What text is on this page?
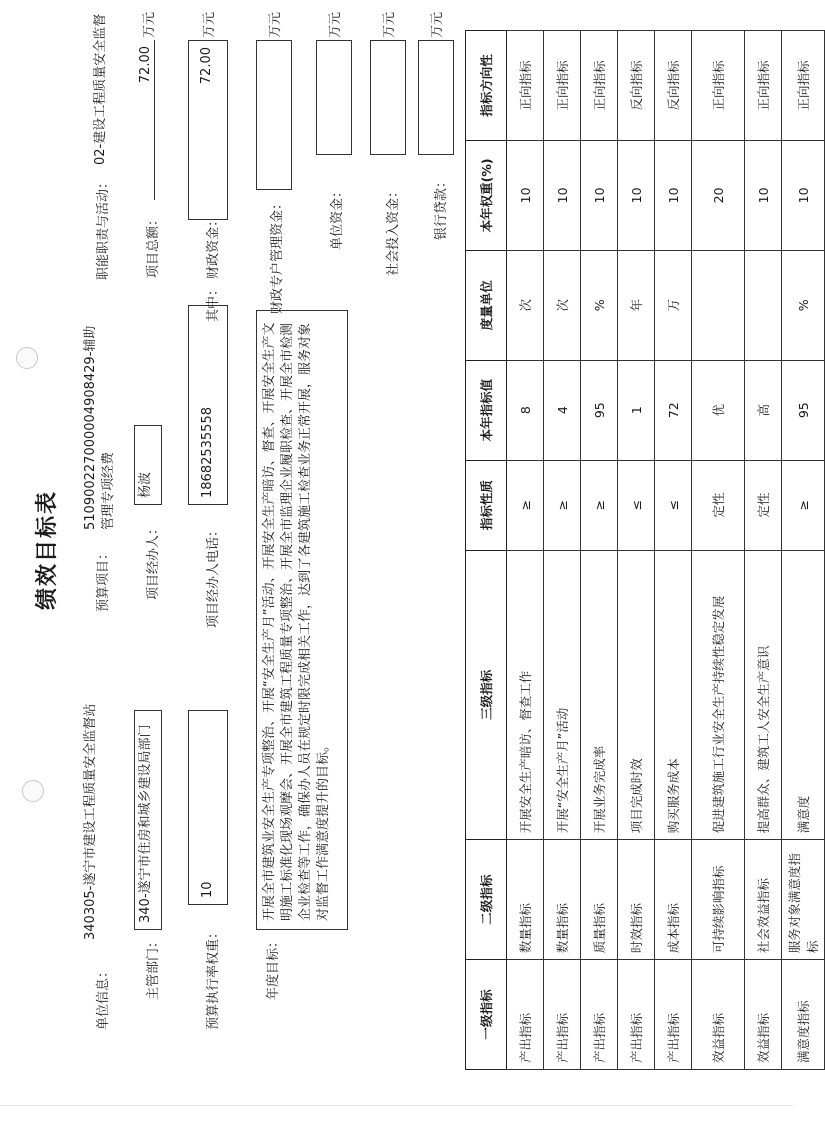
绩效目标表
单位信息：
340305-遂宁市建设工程质量安全监督站
预算项目：
510900227000004908429-辅助管理专项经费
职能职责与活动：
02-建设工程质量安全监督
主管部门：
340-遂宁市住房和城乡建设局部门
项目经办人：
杨波
项目总额：
72.00
万元
预算执行率权重：
10
项目经办人电话：
18682535558
其中： 财政资金：
72.00
万元
年度目标：
开展全市建筑业安全生产专项整治、开展“安全生产月”活动、开展安全生产暗访、督查、开展安全生产文明施工标准化现场观摩会、开展全市建筑工程质量专项整治、开展全市监理企业履职检查、开展全市检测企业检查等工作，确保办人员在规定时限完成相关工作，达到了各建筑施工检查业务正常开展，服务对象对监督工作满意度提升的目标。
财政专户管理资金：
万元
单位资金：
万元
社会投入资金：
万元
银行贷款：
万元
一级指标	二级指标	三级指标	指标性质	本年指标值	度量单位	本年权重(%)	指标方向性
产出指标	数量指标	开展安全生产暗访、督查工作	≥	8	次	10	正向指标
产出指标	数量指标	开展“安全生产月”活动	≥	4	次	10	正向指标
产出指标	质量指标	开展业务完成率	≥	95	%	10	正向指标
产出指标	时效指标	项目完成时效	≤	1	年	10	反向指标
产出指标	成本指标	购买服务成本	≤	72	万	10	反向指标
效益指标	可持续影响指标	促进建筑施工行业安全生产持续性稳定发展	定性	优		20	正向指标
效益指标	社会效益指标	提高群众、建筑工人安全生产意识	定性	高		10	正向指标
满意度指标	服务对象满意度指标	满意度	≥	95	%	10	正向指标
